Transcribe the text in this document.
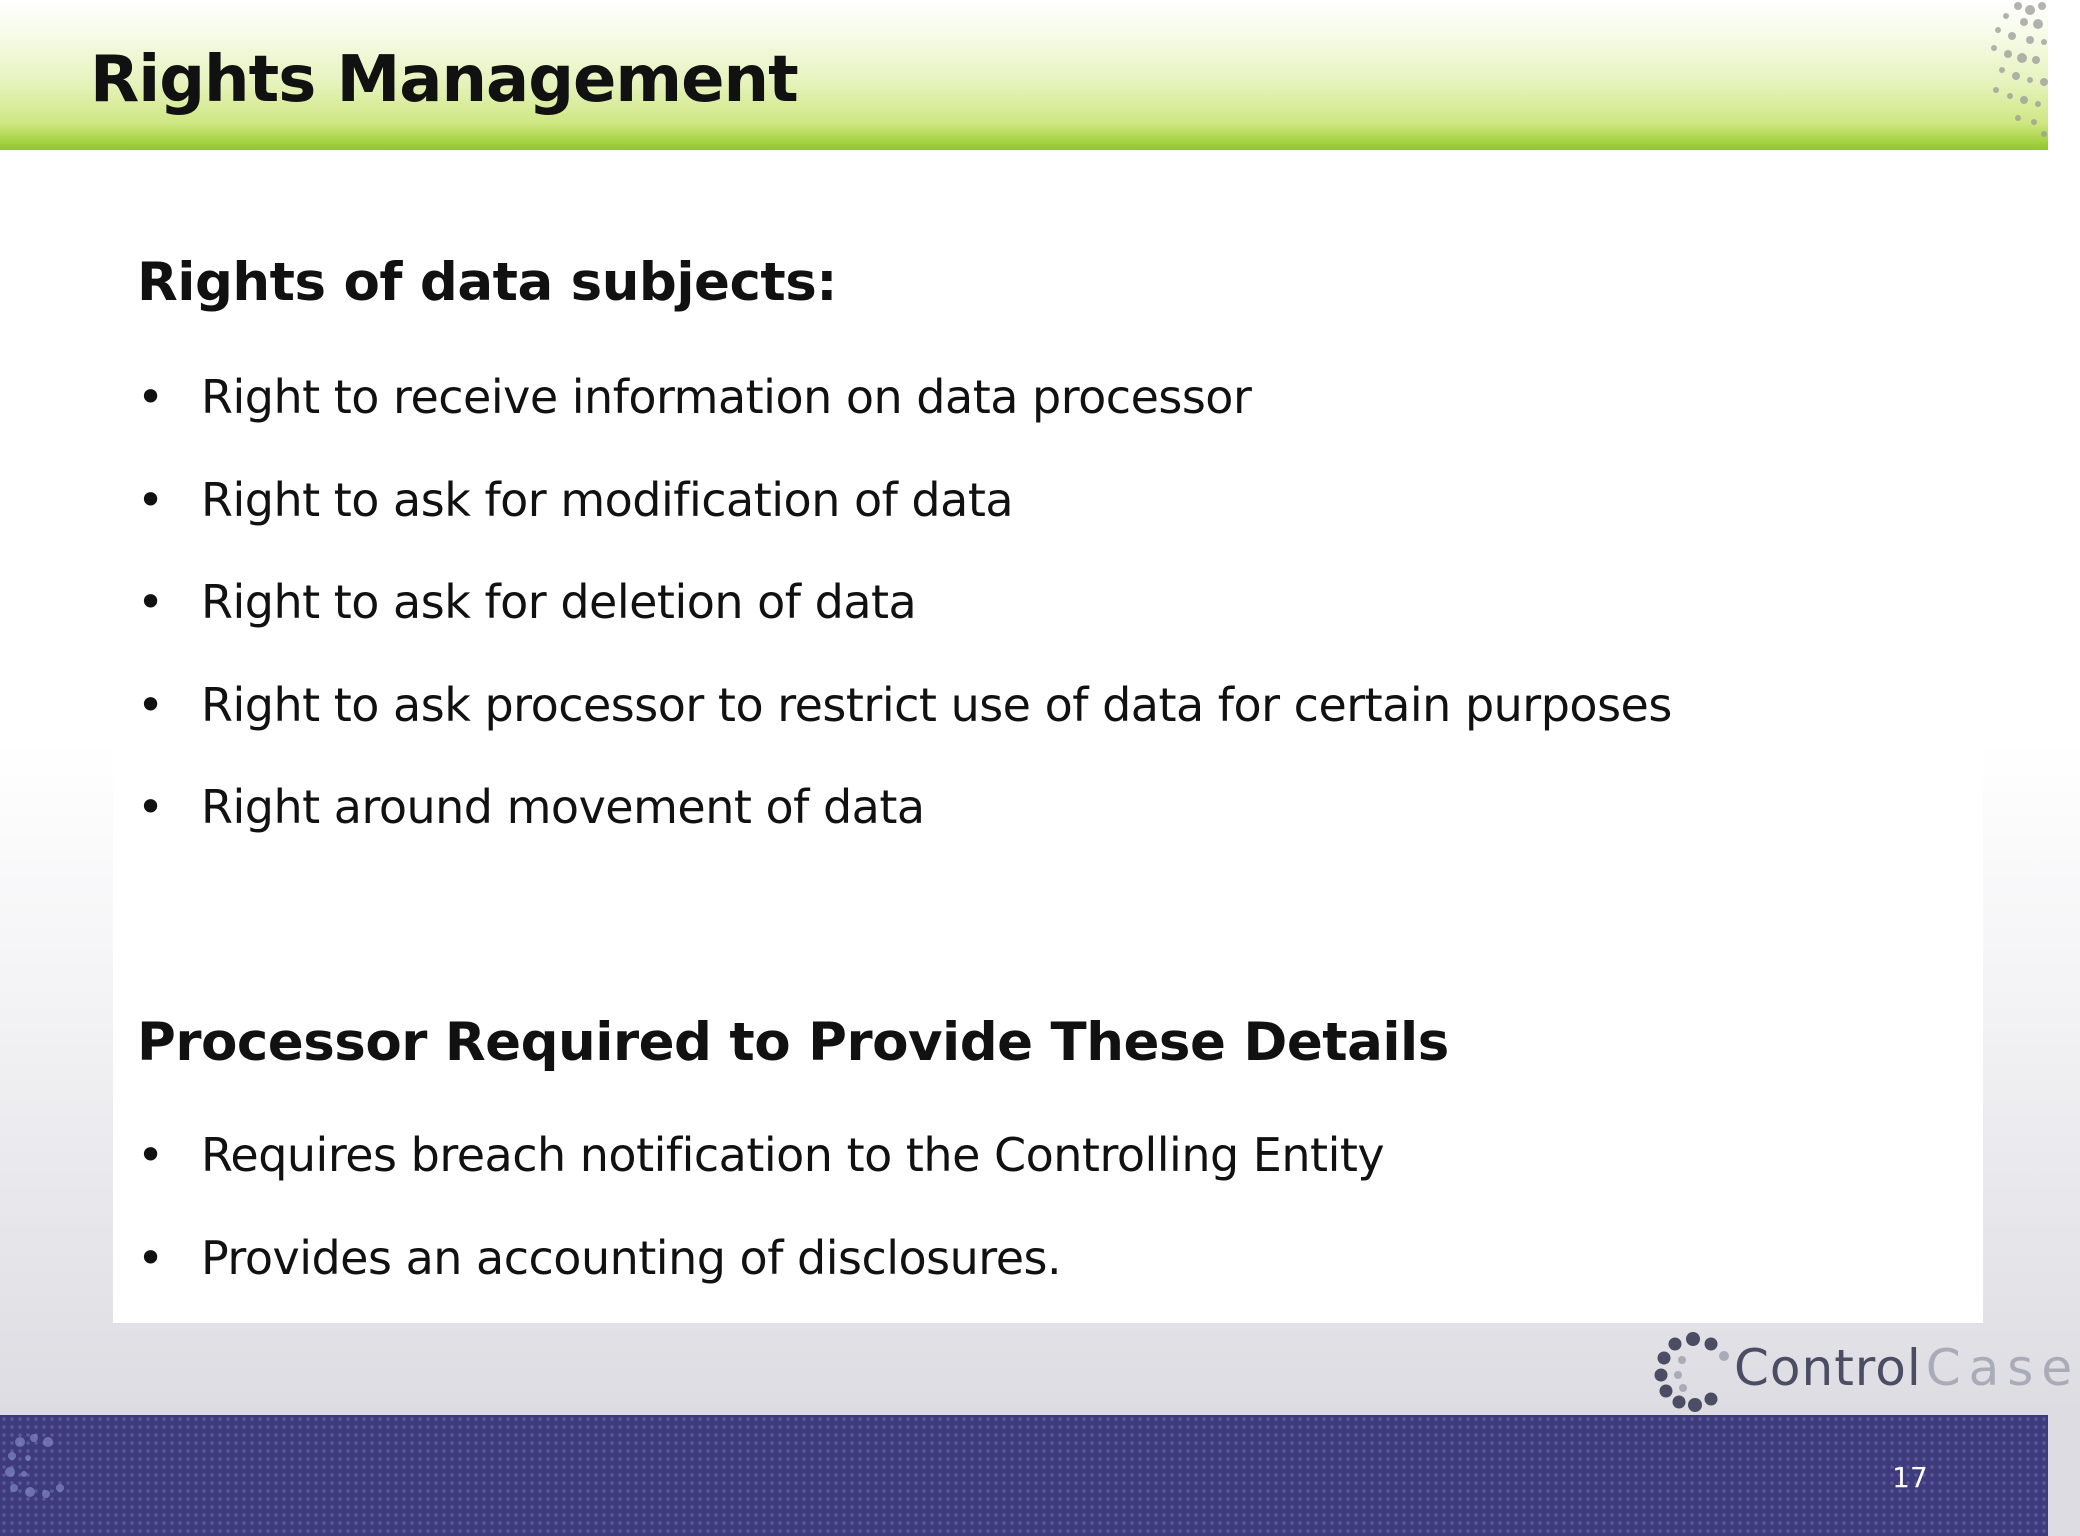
Rights Management
Rights of data subjects:
• Right to receive information on data processor
• Right to ask for modification of data
• Right to ask for deletion of data
• Right to ask processor to restrict use of data for certain purposes
• Right around movement of data
Processor Required to Provide These Details
• Requires breach notification to the Controlling Entity
• Provides an accounting of disclosures.
ControlCase
17
